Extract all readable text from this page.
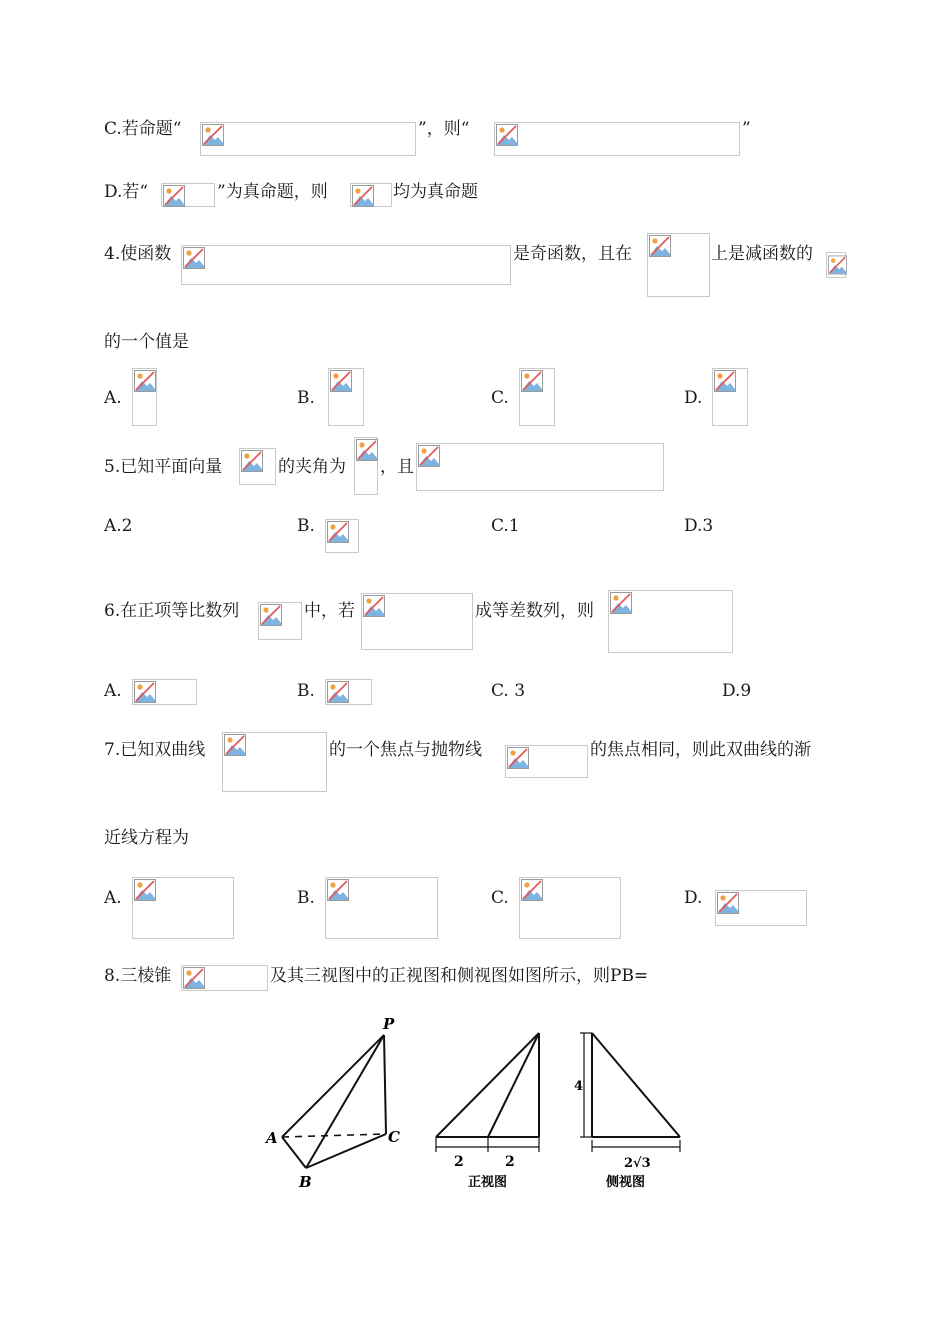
C.若命题“	”，则“	”
D.若“	”为真命题，则	均为真命题
4.使函数	是奇函数，且在	上是减函数的
的一个值是
A.	B.	C.	D.
5.已知平面向量	的夹角为 ，且
A.2	B.	C.1	D.3
6.在正项等比数列	中，若	成等差数列，则
A.	B.	C. 3	D.9
7.已知双曲线	的一个焦点与抛物线	的焦点相同，则此双曲线的渐
近线方程为
A.	B.	C.	D.
8.三棱锥	及其三视图中的正视图和侧视图如图所示，则PB=
P
A
B
C
2	2
正视图
4
2√3
侧视图
